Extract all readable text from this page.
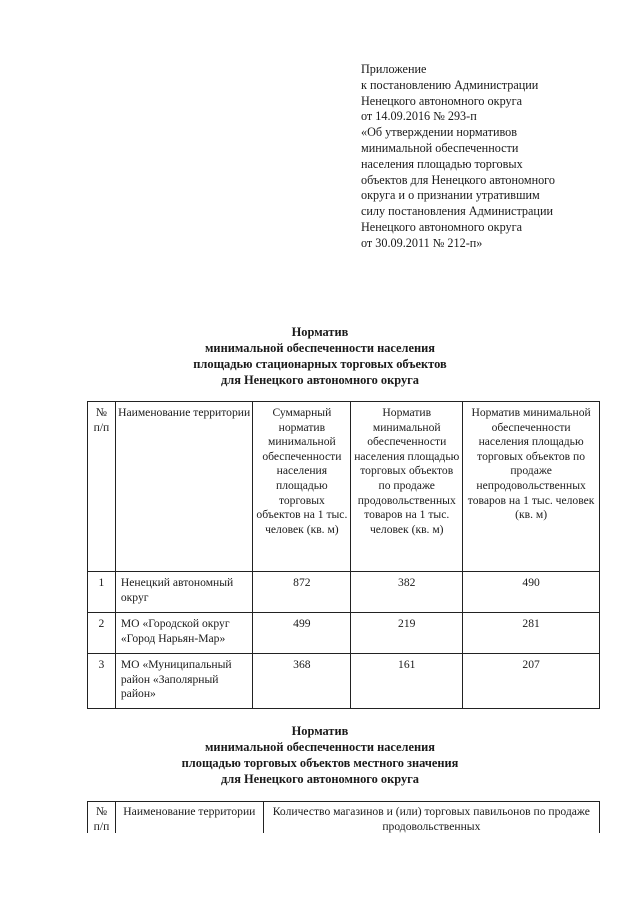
Приложение
к постановлению Администрации
Ненецкого автономного округа
от 14.09.2016 № 293-п
«Об утверждении нормативов
минимальной обеспеченности
населения площадью торговых
объектов для Ненецкого автономного
округа и о признании утратившим
силу постановления Администрации
Ненецкого автономного округа
от 30.09.2011 № 212-п»
Норматив
минимальной обеспеченности населения
площадью стационарных торговых объектов
для Ненецкого автономного округа
№ п/п	Наименование территории	Суммарный норматив минимальной обеспеченности населения площадью торговых объектов на 1 тыс. человек (кв. м)	Норматив минимальной обеспеченности населения площадью торговых объектов по продаже продовольственных товаров на 1 тыс. человек (кв. м)	Норматив минимальной обеспеченности населения площадью торговых объектов по продаже непродовольственных товаров на 1 тыс. человек (кв. м)
1	Ненецкий автономный округ	872	382	490
2	МО «Городской округ «Город Нарьян-Мар»	499	219	281
3	МО «Муниципальный район «Заполярный район»	368	161	207
Норматив
минимальной обеспеченности населения
площадью торговых объектов местного значения
для Ненецкого автономного округа
№ п/п	Наименование территории	Количество магазинов и (или) торговых павильонов по продаже продовольственных
